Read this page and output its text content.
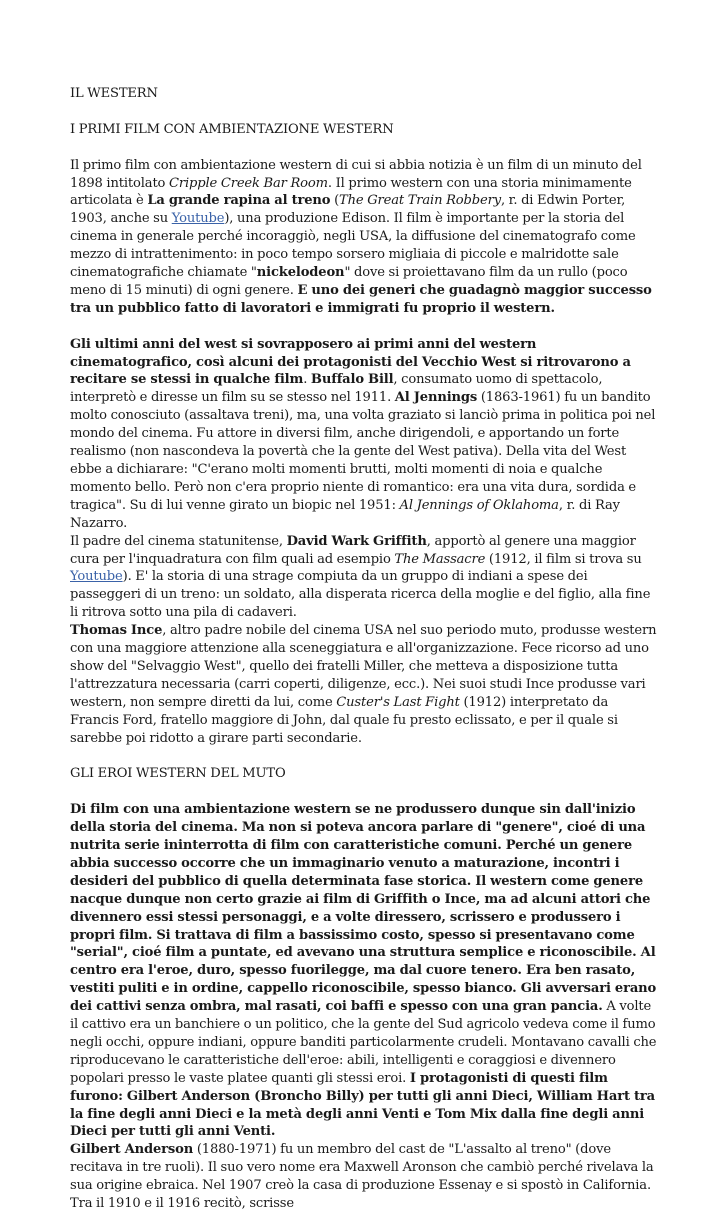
IL WESTERN

I PRIMI FILM CON AMBIENTAZIONE WESTERN

Il primo film con ambientazione western di cui si abbia notizia è un film di un minuto del 1898 intitolato Cripple Creek Bar Room. Il primo western con una storia minimamente articolata è La grande rapina al treno (The Great Train Robbery, r. di Edwin Porter, 1903, anche su Youtube), una produzione Edison. Il film è importante per la storia del cinema in generale perché incoraggiò, negli USA, la diffusione del cinematografo come mezzo di intrattenimento: in poco tempo sorsero migliaia di piccole e malridotte sale cinematografiche chiamate "nickelodeon" dove si proiettavano film da un rullo (poco meno di 15 minuti) di ogni genere. E uno dei generi che guadagnò maggior successo tra un pubblico fatto di lavoratori e immigrati fu proprio il western.

Gli ultimi anni del west si sovrapposero ai primi anni del western cinematografico, così alcuni dei protagonisti del Vecchio West si ritrovarono a recitare se stessi in qualche film. Buffalo Bill, consumato uomo di spettacolo, interpretò e diresse un film su se stesso nel 1911. Al Jennings (1863-1961) fu un bandito molto conosciuto (assaltava treni), ma, una volta graziato si lanciò prima in politica poi nel mondo del cinema. Fu attore in diversi film, anche dirigendoli, e apportando un forte realismo (non nascondeva la povertà che la gente del West pativa). Della vita del West ebbe a dichiarare: "C'erano molti momenti brutti, molti momenti di noia e qualche momento bello. Però non c'era proprio niente di romantico: era una vita dura, sordida e tragica". Su di lui venne girato un biopic nel 1951: Al Jennings of Oklahoma, r. di Ray Nazarro.

Il padre del cinema statunitense, David Wark Griffith, apportò al genere una maggior cura per l'inquadratura con film quali ad esempio The Massacre (1912, il film si trova su Youtube). E' la storia di una strage compiuta da un gruppo di indiani a spese dei passeggeri di un treno: un soldato, alla disperata ricerca della moglie e del figlio, alla fine li ritrova sotto una pila di cadaveri.

Thomas Ince, altro padre nobile del cinema USA nel suo periodo muto, produsse western con una maggiore attenzione alla sceneggiatura e all'organizzazione. Fece ricorso ad uno show del "Selvaggio West", quello dei fratelli Miller, che metteva a disposizione tutta l'attrezzatura necessaria (carri coperti, diligenze, ecc.). Nei suoi studi Ince produsse vari western, non sempre diretti da lui, come Custer's Last Fight (1912) interpretato da Francis Ford, fratello maggiore di John, dal quale fu presto eclissato, e per il quale si sarebbe poi ridotto a girare parti secondarie.

GLI EROI WESTERN DEL MUTO

Di film con una ambientazione western se ne produssero dunque sin dall'inizio della storia del cinema. Ma non si poteva ancora parlare di "genere", cioé di una nutrita serie ininterrotta di film con caratteristiche comuni. Perché un genere abbia successo occorre che un immaginario venuto a maturazione, incontri i desideri del pubblico di quella determinata fase storica. Il western come genere nacque dunque non certo grazie ai film di Griffith o Ince, ma ad alcuni attori che divennero essi stessi personaggi, e a volte diressero, scrissero e produssero i propri film. Si trattava di film a bassissimo costo, spesso si presentavano come "serial", cioé film a puntate, ed avevano una struttura semplice e riconoscibile. Al centro era l'eroe, duro, spesso fuorilegge, ma dal cuore tenero. Era ben rasato, vestiti puliti e in ordine, cappello riconoscibile, spesso bianco. Gli avversari erano dei cattivi senza ombra, mal rasati, coi baffi e spesso con una gran pancia. A volte il cattivo era un banchiere o un politico, che la gente del Sud agricolo vedeva come il fumo negli occhi, oppure indiani, oppure banditi particolarmente crudeli. Montavano cavalli che riproducevano le caratteristiche dell'eroe: abili, intelligenti e coraggiosi e divennero popolari presso le vaste platee quanti gli stessi eroi. I protagonisti di questi film furono: Gilbert Anderson (Broncho Billy) per tutti gli anni Dieci, William Hart tra la fine degli anni Dieci e la metà degli anni Venti e Tom Mix dalla fine degli anni Dieci per tutti gli anni Venti.

Gilbert Anderson (1880-1971) fu un membro del cast de "L'assalto al treno" (dove recitava in tre ruoli). Il suo vero nome era Maxwell Aronson che cambiò perché rivelava la sua origine ebraica. Nel 1907 creò la casa di produzione Essenay e si spostò in California. Tra il 1910 e il 1916 recitò, scrisse
